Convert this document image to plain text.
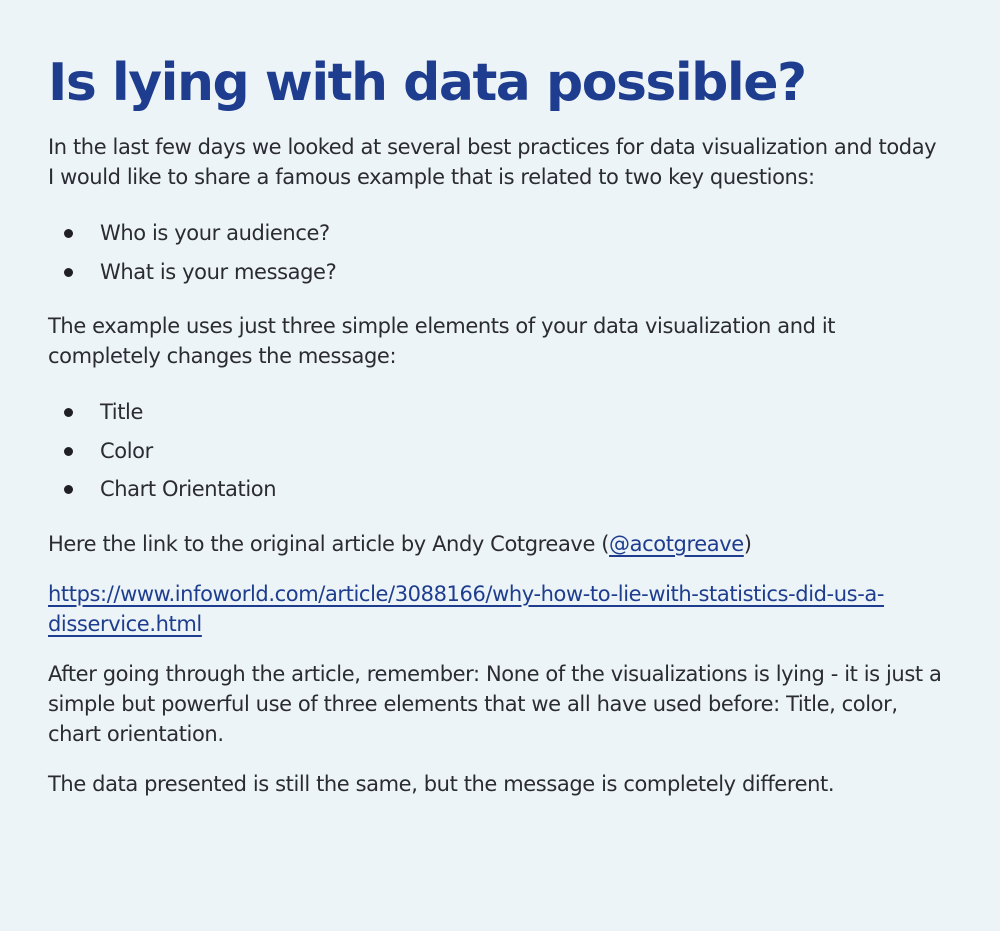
Is lying with data possible?

In the last few days we looked at several best practices for data visualization and today I would like to share a famous example that is related to two key questions:

Who is your audience?
What is your message?

The example uses just three simple elements of your data visualization and it completely changes the message:

Title
Color
Chart Orientation

Here the link to the original article by Andy Cotgreave (@acotgreave)

https://www.infoworld.com/article/3088166/why-how-to-lie-with-statistics-did-us-a-disservice.html

After going through the article, remember: None of the visualizations is lying - it is just a simple but powerful use of three elements that we all have used before: Title, color, chart orientation.

The data presented is still the same, but the message is completely different.
